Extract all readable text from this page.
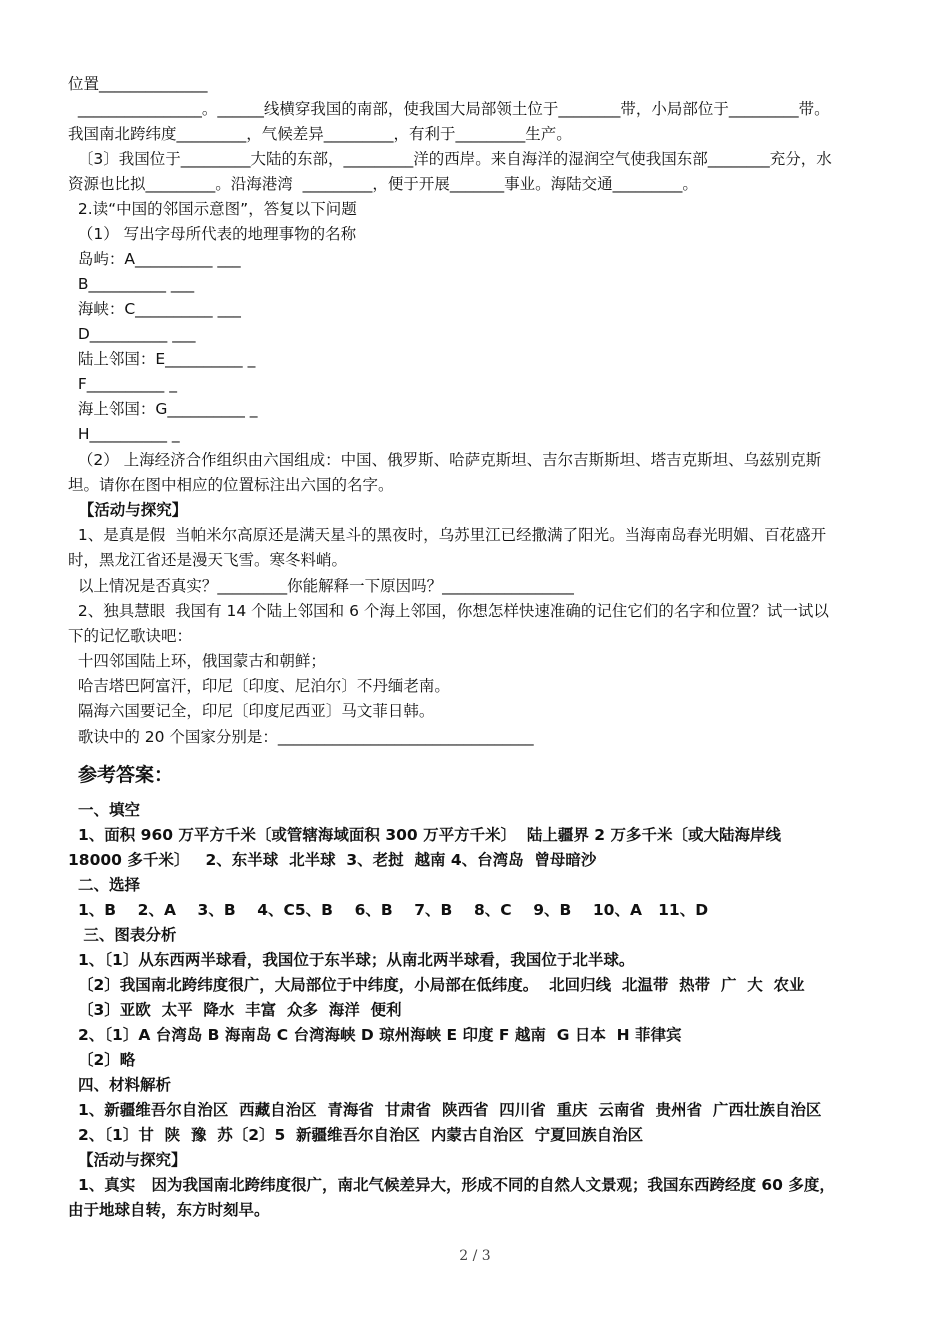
位置______________
________________。______线横穿我国的南部，使我国大局部领土位于________带，小局部位于_________带。
我国南北跨纬度_________，气候差异_________，有利于_________生产。
〔3〕我国位于_________大陆的东部，_________洋的西岸。来自海洋的湿润空气使我国东部________充分，水
资源也比拟_________。沿海港湾  _________，便于开展_______事业。海陆交通_________。
2.读“中国的邻国示意图”，答复以下问题
（1） 写出字母所代表的地理事物的名称
岛屿：A__________ ___
B__________ ___
海峡：C__________ ___
D__________ ___
陆上邻国：E__________ _
F__________ _
海上邻国：G__________ _
H__________ _
（2） 上海经济合作组织由六国组成：中国、俄罗斯、哈萨克斯坦、吉尔吉斯斯坦、塔吉克斯坦、乌兹别克斯
坦。请你在图中相应的位置标注出六国的名字。
【活动与探究】
1、是真是假  当帕米尔高原还是满天星斗的黑夜时，乌苏里江已经撒满了阳光。当海南岛春光明媚、百花盛开
时，黑龙江省还是漫天飞雪。寒冬料峭。
以上情况是否真实？_________你能解释一下原因吗？_________________
2、独具慧眼  我国有 14 个陆上邻国和 6 个海上邻国，你想怎样快速准确的记住它们的名字和位置？试一试以
下的记忆歌诀吧：
十四邻国陆上环，俄国蒙古和朝鲜；
哈吉塔巴阿富汗，印尼〔印度、尼泊尔〕不丹缅老南。
隔海六国要记全，印尼〔印度尼西亚〕马文菲日韩。
歌诀中的 20 个国家分别是：_________________________________
参考答案：
一、填空
1、面积 960 万平方千米〔或管辖海域面积 300 万平方千米〕  陆上疆界 2 万多千米〔或大陆海岸线
18000 多千米〕   2、东半球  北半球  3、老挝  越南 4、台湾岛  曾母暗沙
二、选择
1、B    2、A    3、B    4、C5、B    6、B    7、B    8、C    9、B    10、A   11、D
三、图表分析
1、〔1〕从东西两半球看，我国位于东半球；从南北两半球看，我国位于北半球。
〔2〕我国南北跨纬度很广，大局部位于中纬度，小局部在低纬度。  北回归线  北温带  热带  广  大  农业
〔3〕亚欧  太平  降水  丰富  众多  海洋  便利
2、〔1〕A 台湾岛 B 海南岛 C 台湾海峡 D 琼州海峡 E 印度 F 越南  G 日本  H 菲律宾
〔2〕略
四、材料解析
1、新疆维吾尔自治区  西藏自治区  青海省  甘肃省  陕西省  四川省  重庆  云南省  贵州省  广西壮族自治区
2、〔1〕甘  陕  豫  苏〔2〕5  新疆维吾尔自治区  内蒙古自治区  宁夏回族自治区
【活动与探究】
1、真实   因为我国南北跨纬度很广，南北气候差异大，形成不同的自然人文景观；我国东西跨经度 60 多度，
由于地球自转，东方时刻早。
2 / 3
